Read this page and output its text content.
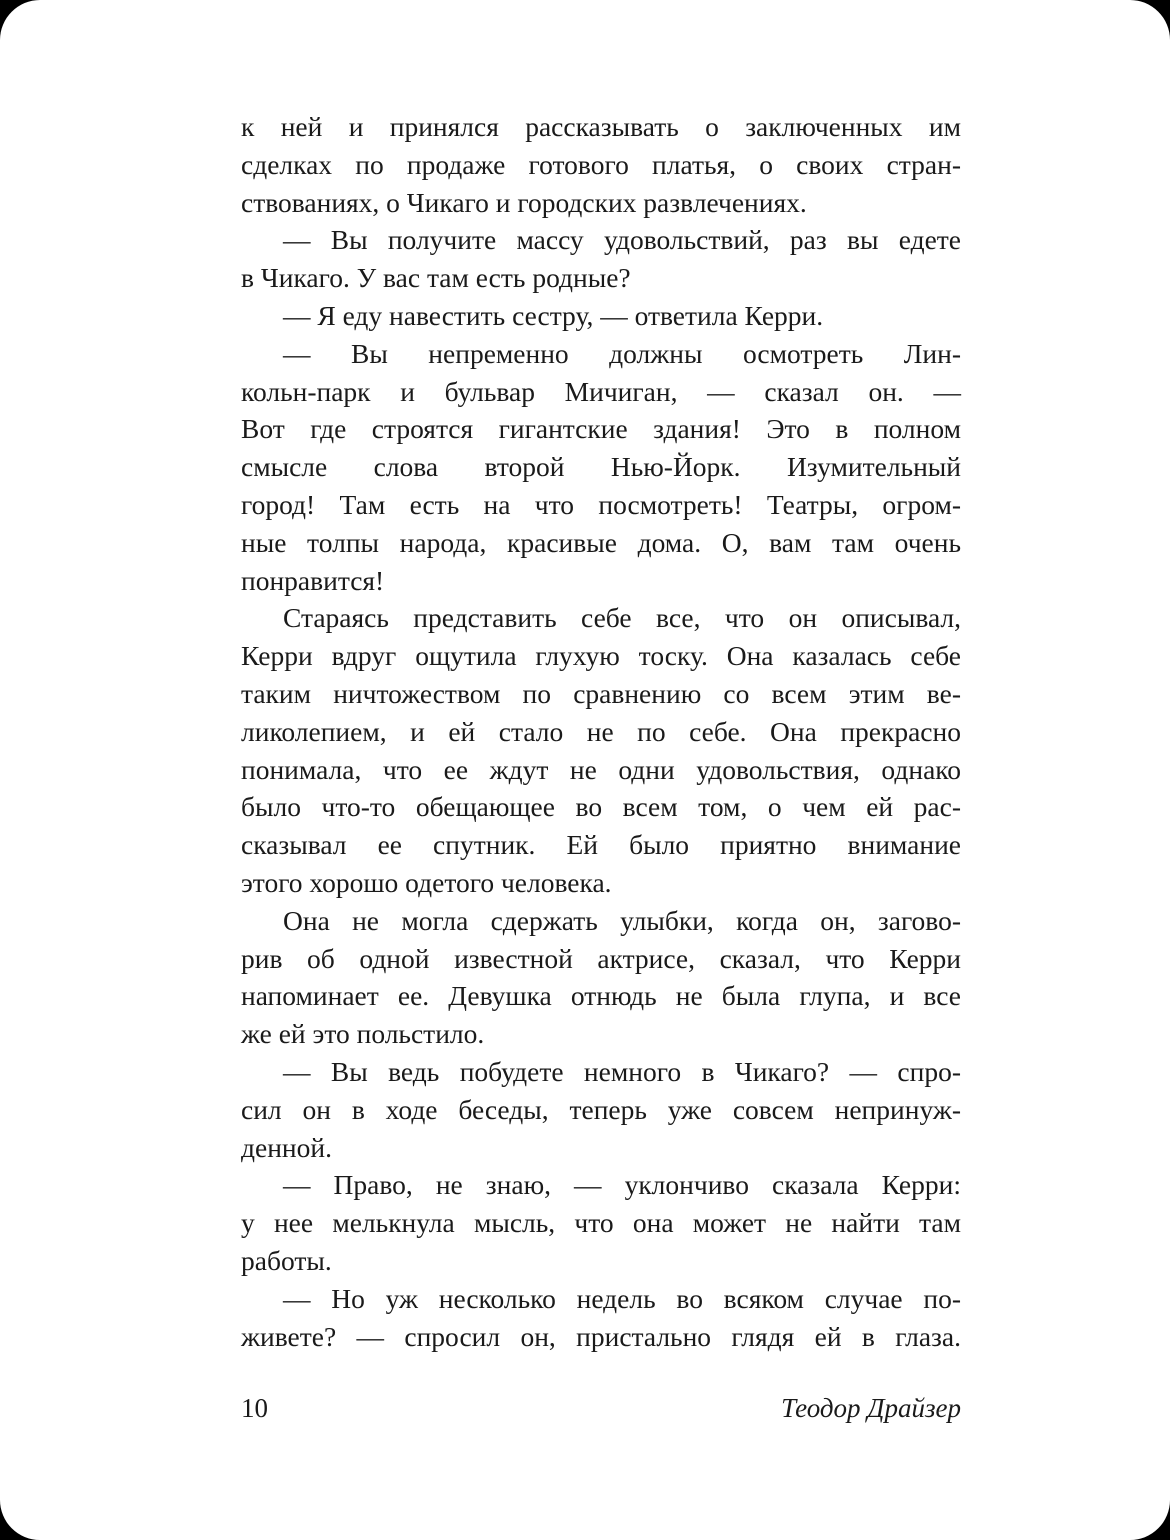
к ней и принялся рассказывать о заключенных им
сделках по продаже готового платья, о своих стран-
ствованиях, о Чикаго и городских развлечениях.
— Вы получите массу удовольствий, раз вы едете
в Чикаго. У вас там есть родные?
— Я еду навестить сестру, — ответила Керри.
— Вы непременно должны осмотреть Лин-
кольн-парк и бульвар Мичиган, — сказал он. —
Вот где строятся гигантские здания! Это в полном
смысле слова второй Нью-Йорк. Изумительный
город! Там есть на что посмотреть! Театры, огром-
ные толпы народа, красивые дома. О, вам там очень
понравится!
Стараясь представить себе все, что он описывал,
Керри вдруг ощутила глухую тоску. Она казалась себе
таким ничтожеством по сравнению со всем этим ве-
ликолепием, и ей стало не по себе. Она прекрасно
понимала, что ее ждут не одни удовольствия, однако
было что-то обещающее во всем том, о чем ей рас-
сказывал ее спутник. Ей было приятно внимание
этого хорошо одетого человека.
Она не могла сдержать улыбки, когда он, загово-
рив об одной известной актрисе, сказал, что Керри
напоминает ее. Девушка отнюдь не была глупа, и все
же ей это польстило.
— Вы ведь побудете немного в Чикаго? — спро-
сил он в ходе беседы, теперь уже совсем непринуж-
денной.
— Право, не знаю, — уклончиво сказала Керри:
у нее мелькнула мысль, что она может не найти там
работы.
— Но уж несколько недель во всяком случае по-
живете? — спросил он, пристально глядя ей в глаза.
10	Теодор Драйзер
